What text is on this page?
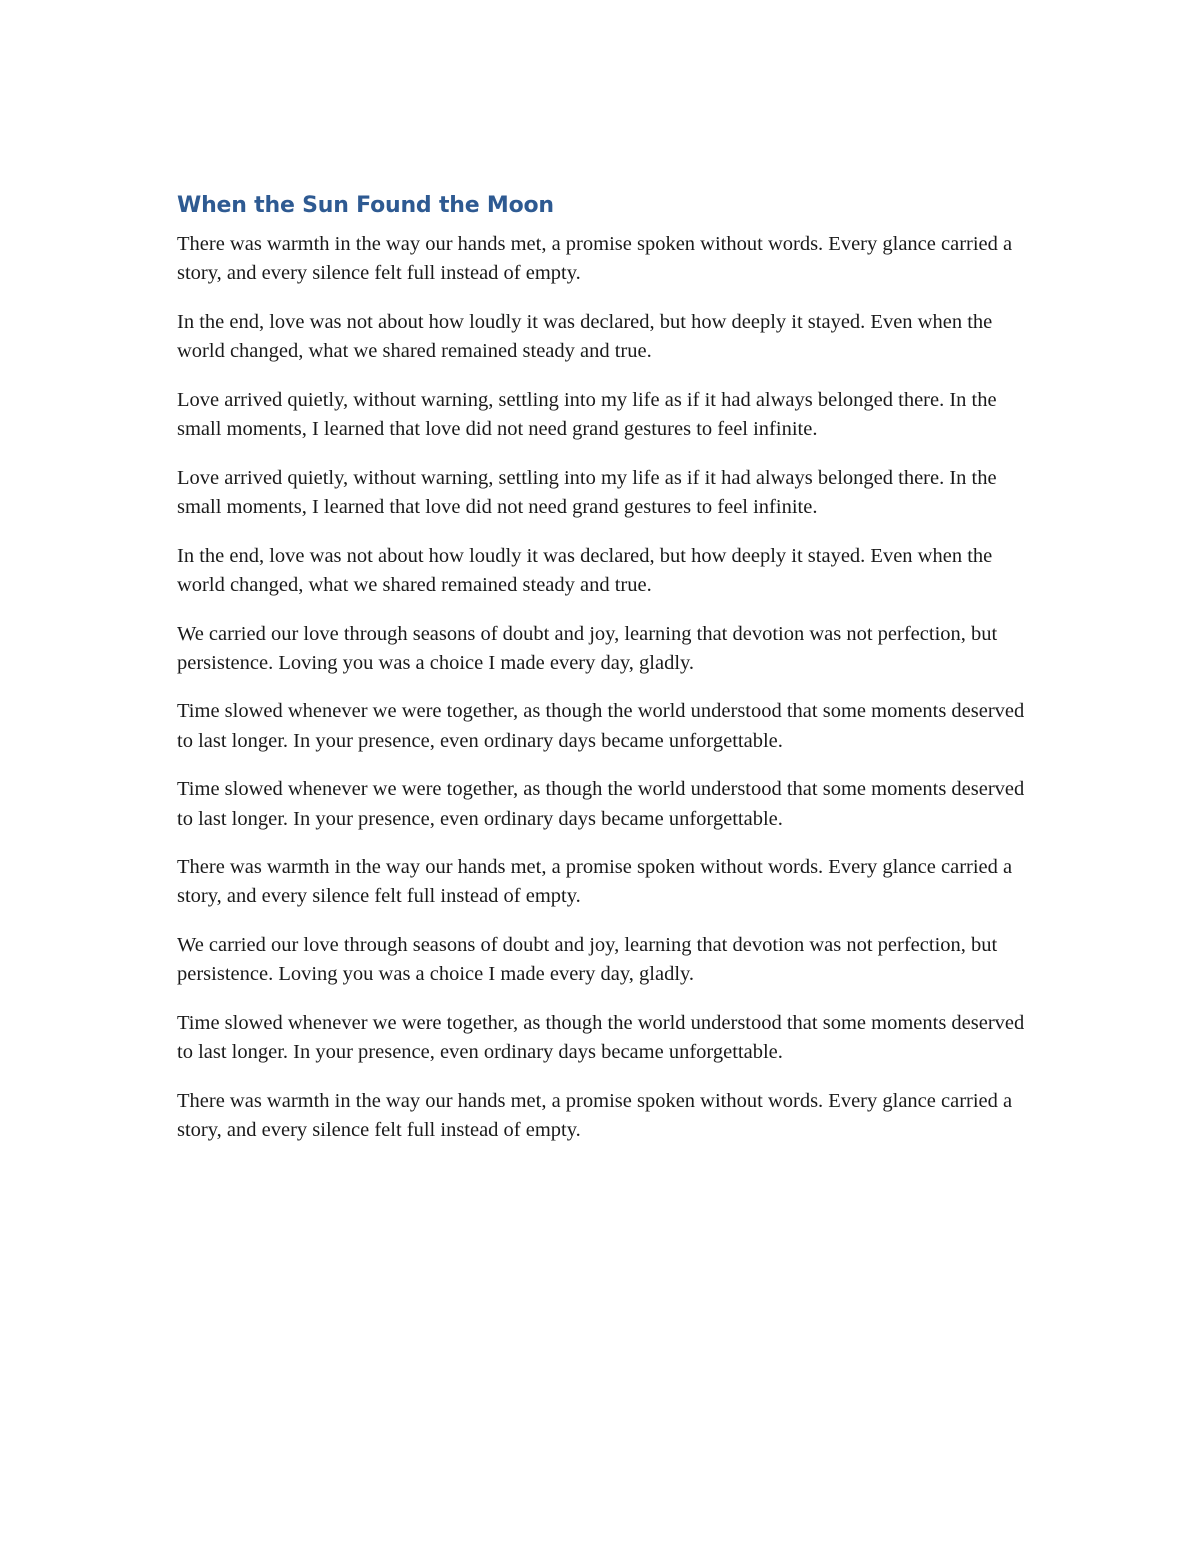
When the Sun Found the Moon

There was warmth in the way our hands met, a promise spoken without words. Every glance carried a story, and every silence felt full instead of empty.

In the end, love was not about how loudly it was declared, but how deeply it stayed. Even when the world changed, what we shared remained steady and true.

Love arrived quietly, without warning, settling into my life as if it had always belonged there. In the small moments, I learned that love did not need grand gestures to feel infinite.

Love arrived quietly, without warning, settling into my life as if it had always belonged there. In the small moments, I learned that love did not need grand gestures to feel infinite.

In the end, love was not about how loudly it was declared, but how deeply it stayed. Even when the world changed, what we shared remained steady and true.

We carried our love through seasons of doubt and joy, learning that devotion was not perfection, but persistence. Loving you was a choice I made every day, gladly.

Time slowed whenever we were together, as though the world understood that some moments deserved to last longer. In your presence, even ordinary days became unforgettable.

Time slowed whenever we were together, as though the world understood that some moments deserved to last longer. In your presence, even ordinary days became unforgettable.

There was warmth in the way our hands met, a promise spoken without words. Every glance carried a story, and every silence felt full instead of empty.

We carried our love through seasons of doubt and joy, learning that devotion was not perfection, but persistence. Loving you was a choice I made every day, gladly.

Time slowed whenever we were together, as though the world understood that some moments deserved to last longer. In your presence, even ordinary days became unforgettable.

There was warmth in the way our hands met, a promise spoken without words. Every glance carried a story, and every silence felt full instead of empty.
